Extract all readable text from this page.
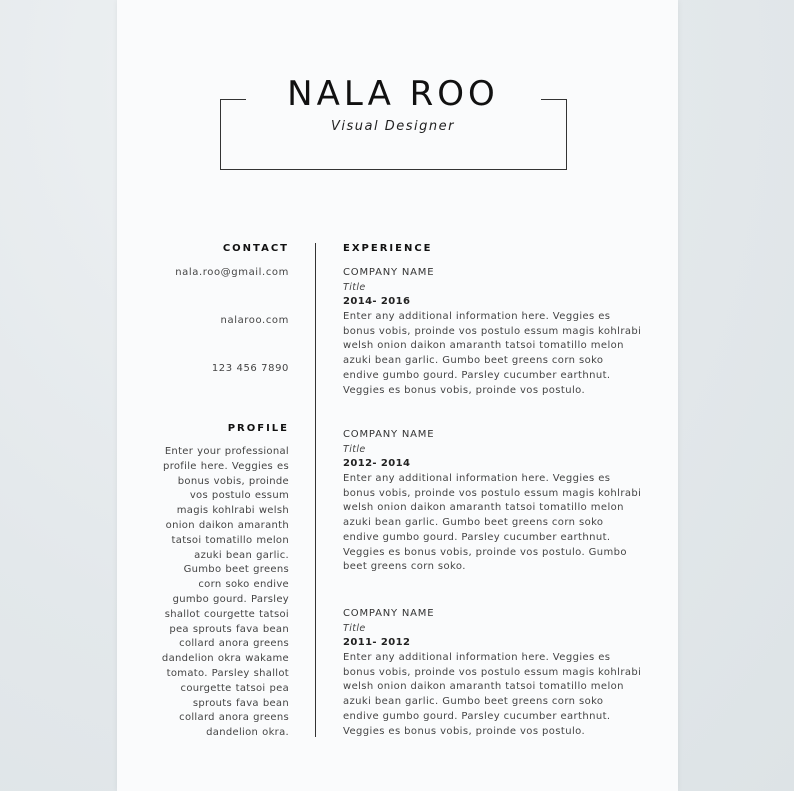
NALA ROO
Visual Designer
CONTACT
nala.roo@gmail.com
nalaroo.com
123 456 7890
PROFILE
Enter your professional profile here. Veggies es bonus vobis, proinde vos postulo essum magis kohlrabi welsh onion daikon amaranth tatsoi tomatillo melon azuki bean garlic. Gumbo beet greens corn soko endive gumbo gourd. Parsley shallot courgette tatsoi pea sprouts fava bean collard anora greens dandelion okra wakame tomato. Parsley shallot courgette tatsoi pea sprouts fava bean collard anora greens dandelion okra.
EXPERIENCE
COMPANY NAME
Title
2014- 2016
Enter any additional information here. Veggies es bonus vobis, proinde vos postulo essum magis kohlrabi welsh onion daikon amaranth tatsoi tomatillo melon azuki bean garlic. Gumbo beet greens corn soko endive gumbo gourd. Parsley cucumber earthnut. Veggies es bonus vobis, proinde vos postulo.
COMPANY NAME
Title
2012- 2014
Enter any additional information here. Veggies es bonus vobis, proinde vos postulo essum magis kohlrabi welsh onion daikon amaranth tatsoi tomatillo melon azuki bean garlic. Gumbo beet greens corn soko endive gumbo gourd. Parsley cucumber earthnut. Veggies es bonus vobis, proinde vos postulo. Gumbo beet greens corn soko.
COMPANY NAME
Title
2011- 2012
Enter any additional information here. Veggies es bonus vobis, proinde vos postulo essum magis kohlrabi welsh onion daikon amaranth tatsoi tomatillo melon azuki bean garlic. Gumbo beet greens corn soko endive gumbo gourd. Parsley cucumber earthnut. Veggies es bonus vobis, proinde vos postulo.
